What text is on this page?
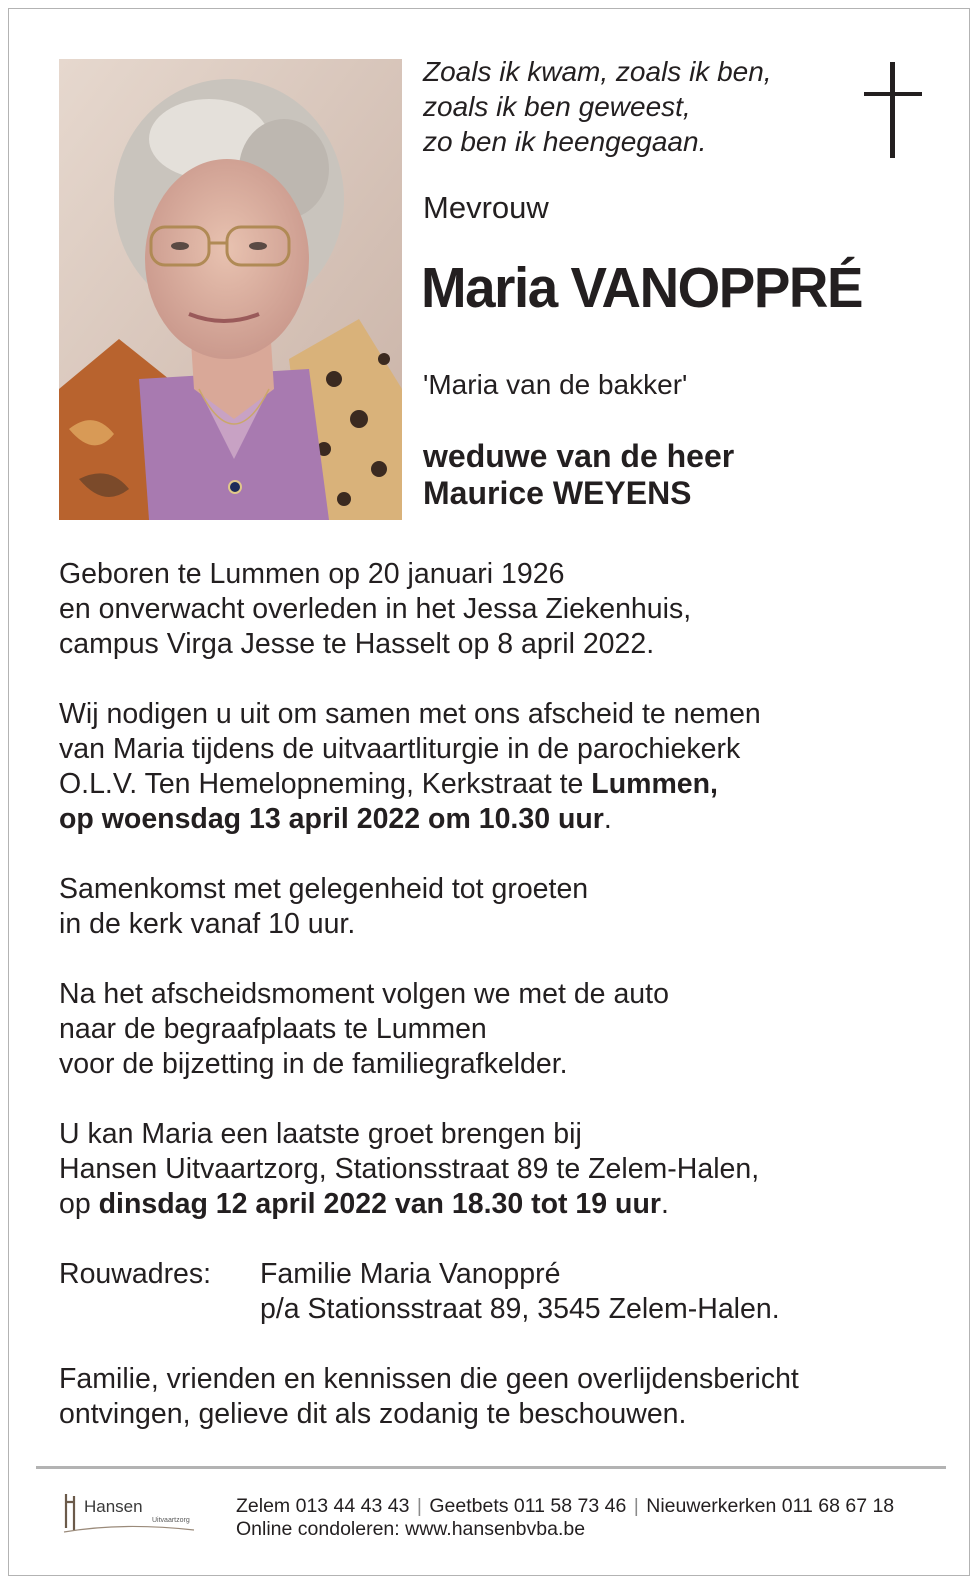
Zoals ik kwam, zoals ik ben,
zoals ik ben geweest,
zo ben ik heengegaan.
Mevrouw
Maria VANOPPRÉ
'Maria van de bakker'
weduwe van de heer
Maurice WEYENS
Geboren te Lummen op 20 januari 1926
en onverwacht overleden in het Jessa Ziekenhuis,
campus Virga Jesse te Hasselt op 8 april 2022.
Wij nodigen u uit om samen met ons afscheid te nemen
van Maria tijdens de uitvaartliturgie in de parochiekerk
O.L.V. Ten Hemelopneming, Kerkstraat te Lummen,
op woensdag 13 april 2022 om 10.30 uur.
Samenkomst met gelegenheid tot groeten
in de kerk vanaf 10 uur.
Na het afscheidsmoment volgen we met de auto
naar de begraafplaats te Lummen
voor de bijzetting in de familiegrafkelder.
U kan Maria een laatste groet brengen bij
Hansen Uitvaartzorg, Stationsstraat 89 te Zelem-Halen,
op dinsdag 12 april 2022 van 18.30 tot 19 uur.
Rouwadres:	Familie Maria Vanoppré
p/a Stationsstraat 89, 3545 Zelem-Halen.
Familie, vrienden en kennissen die geen overlijdensbericht
ontvingen, gelieve dit als zodanig te beschouwen.
Hansen
Uitvaartzorg
Zelem 013 44 43 43 | Geetbets 011 58 73 46 | Nieuwerkerken 011 68 67 18
Online condoleren: www.hansenbvba.be
